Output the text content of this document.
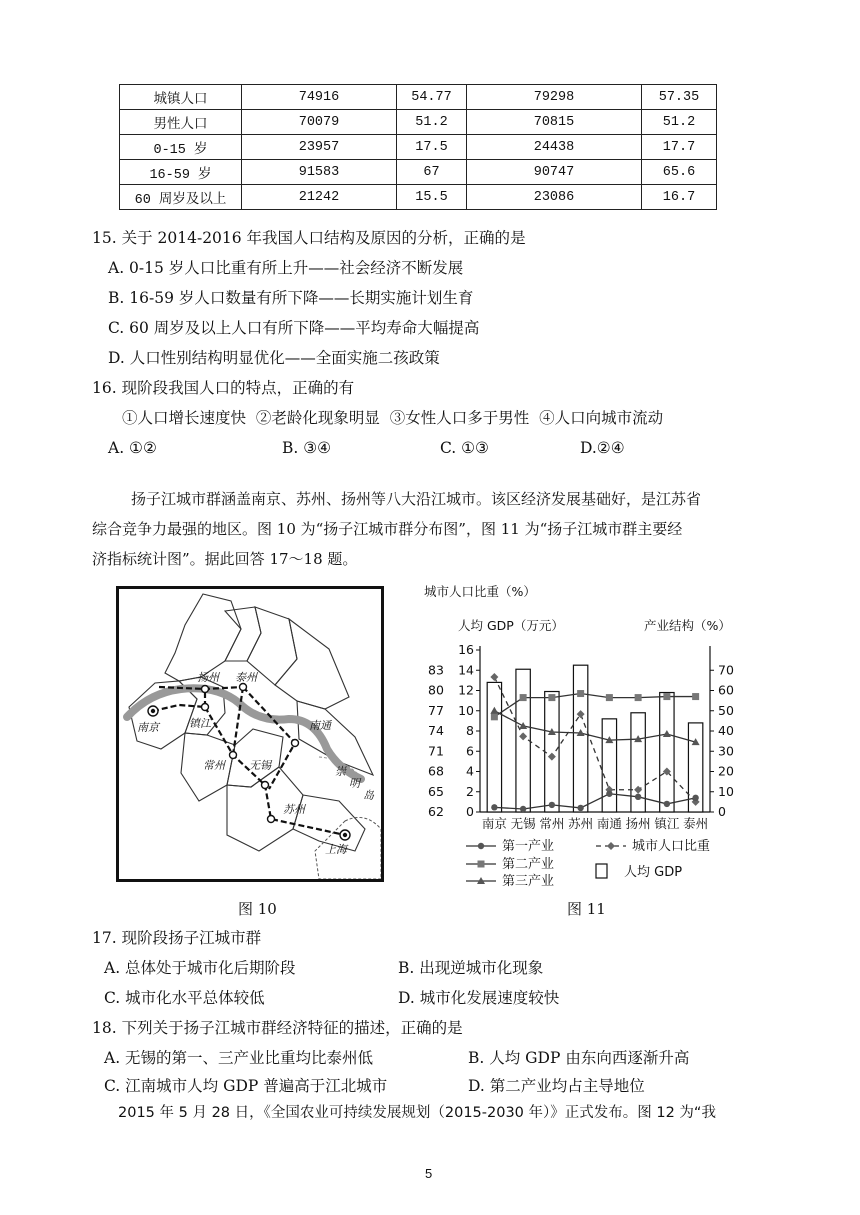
城镇人口	74916	54.77	79298	57.35
男性人口	70079	51.2	70815	51.2
0-15 岁	23957	17.5	24438	17.7
16-59 岁	91583	67	90747	65.6
60 周岁及以上	21242	15.5	23086	16.7
15. 关于 2014-2016 年我国人口结构及原因的分析，正确的是
A. 0-15 岁人口比重有所上升——社会经济不断发展
B. 16-59 岁人口数量有所下降——长期实施计划生育
C. 60 周岁及以上人口有所下降——平均寿命大幅提高
D. 人口性别结构明显优化——全面实施二孩政策
16. 现阶段我国人口的特点，正确的有
①人口增长速度快  ②老龄化现象明显  ③女性人口多于男性  ④人口向城市流动
A. ①②	B. ③④	C. ①③	D.②④
扬子江城市群涵盖南京、苏州、扬州等八大沿江城市。该区经济发展基础好，是江苏省
综合竞争力最强的地区。图 10 为“扬子江城市群分布图”，图 11 为“扬子江城市群主要经
济指标统计图”。据此回答 17～18 题。
扬州 泰州
南京	镇江	南通
常州 无锡
苏州
上海
崇
明
岛
图 10
城市人口比重（%）
人均 GDP（万元）	产业结构（%）
0
2
4
6
8
10
12
14
16
62
65
68
71
74
77
80
83
0
10
20
30
40
50
60
70
南京 无锡 常州 苏州 南通 扬州 镇江 泰州
第一产业	城市人口比重
第二产业
第三产业
人均 GDP
图 11
17. 现阶段扬子江城市群
A. 总体处于城市化后期阶段	B. 出现逆城市化现象
C. 城市化水平总体较低	D. 城市化发展速度较快
18. 下列关于扬子江城市群经济特征的描述，正确的是
A. 无锡的第一、三产业比重均比泰州低	B. 人均 GDP 由东向西逐渐升高
C. 江南城市人均 GDP 普遍高于江北城市	D. 第二产业均占主导地位
2015 年 5 月 28 日，《全国农业可持续发展规划（2015-2030 年）》正式发布。图 12 为“我
5
